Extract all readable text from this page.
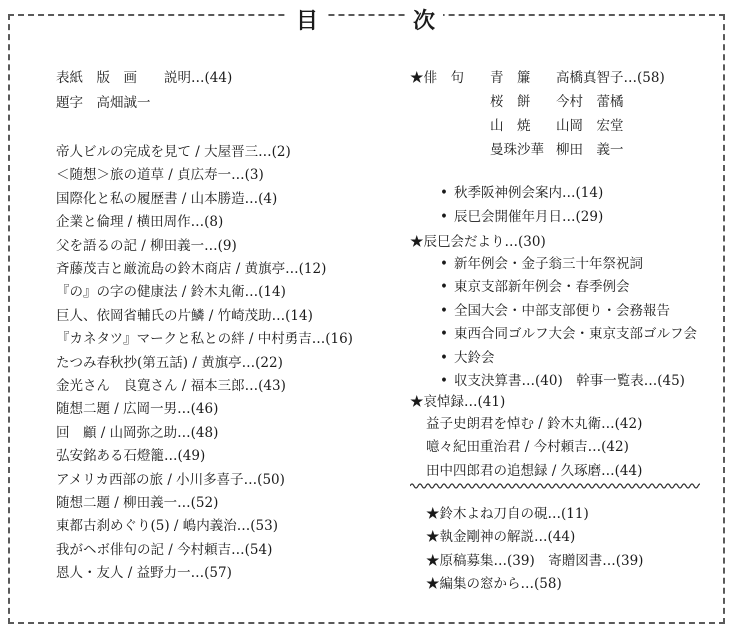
目	次
表紙　版　画　　説明…(44)
題字　高畑誠一
帝人ビルの完成を見て / 大屋晋三…(2)
＜随想＞旅の道草 / 貞広寿一…(3)
国際化と私の履歴書 / 山本勝造…(4)
企業と倫理 / 横田周作…(8)
父を語るの記 / 柳田義一…(9)
斉藤茂吉と厳流島の鈴木商店 / 黄旗亭…(12)
『の』の字の健康法 / 鈴木丸衛…(14)
巨人、依岡省輔氏の片鱗 / 竹崎茂助…(14)
『カネタツ』マークと私との絆 / 中村勇吉…(16)
たつみ春秋抄(第五話) / 黄旗亭…(22)
金光さん　良寛さん / 福本三郎…(43)
随想二題 / 広岡一男…(46)
回　顧 / 山岡弥之助…(48)
弘安銘ある石燈籠…(49)
アメリカ西部の旅 / 小川多喜子…(50)
随想二題 / 柳田義一…(52)
東都古刹めぐり(5) / 嶋内義治…(53)
我がヘボ俳句の記 / 今村頼吉…(54)
恩人・友人 / 益野力一…(57)
★俳　句 青　簾 高橋真智子…(58)
桜　餅 今村　蕾橘
山　焼 山岡　宏堂
曼珠沙華 柳田　義一
• 秋季阪神例会案内…(14)
• 辰巳会開催年月日…(29)
★辰巳会だより…(30)
• 新年例会・金子翁三十年祭祝詞
• 東京支部新年例会・春季例会
• 全国大会・中部支部便り・会務報告
• 東西合同ゴルフ大会・東京支部ゴルフ会
• 大鈴会
• 収支決算書…(40)　幹事一覧表…(45)
★哀悼録…(41)
益子史朗君を悼む / 鈴木丸衛…(42)
噫々紀田重治君 / 今村頼吉…(42)
田中四郎君の追想録 / 久琢磨…(44)
★鈴木よね刀自の硯…(11)
★執金剛神の解説…(44)
★原稿募集…(39)　寄贈図書…(39)
★編集の窓から…(58)
